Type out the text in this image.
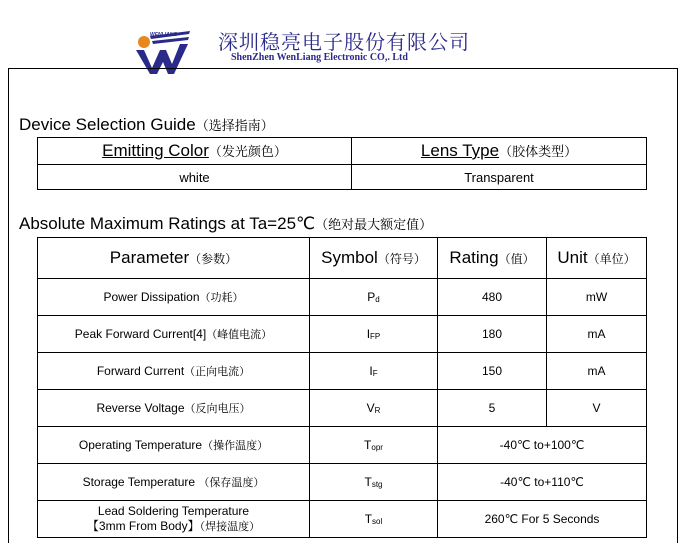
WENLIANG 深圳稳亮电子股份有限公司
ShenZhen WenLiang Electronic CO,. Ltd
Device Selection Guide（选择指南）
Emitting Color（发光颜色）	Lens Type（胶体类型）
white	Transparent
Absolute Maximum Ratings at Ta=25℃（绝对最大额定值）
Parameter（参数）	Symbol（符号）	Rating（值）	Unit（单位）
Power Dissipation（功耗）	Pd	480	mW
Peak Forward Current[4]（峰值电流）	IFP	180	mA
Forward Current（正向电流）	IF	150	mA
Reverse Voltage（反向电压）	VR	5	V
Operating Temperature（操作温度）	Topr	-40℃ to+100℃	
Storage Temperature （保存温度）	Tstg	-40℃ to+110℃	
Lead Soldering Temperature
【3mm From Body】（焊接温度）	Tsol	260℃ For 5 Seconds	
